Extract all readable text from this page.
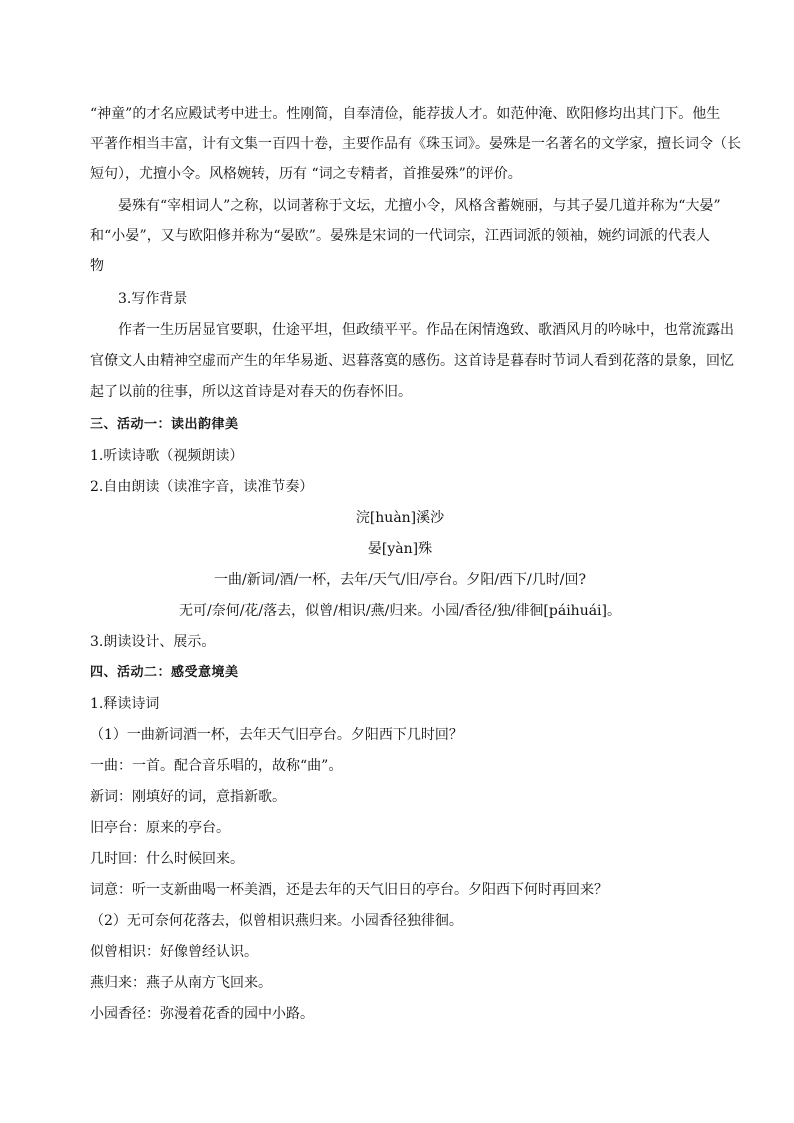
“神童”的才名应殿试考中进士。性刚简，自奉清俭，能荐拔人才。如范仲淹、欧阳修均出其门下。他生
平著作相当丰富，计有文集一百四十卷，主要作品有《珠玉词》。晏殊是一名著名的文学家，擅长词令（长
短句），尤擅小令。风格婉转，历有 “词之专精者，首推晏殊”的评价。
晏殊有“宰相词人”之称，以词著称于文坛，尤擅小令，风格含蓄婉丽，与其子晏几道并称为“大晏”
和“小晏”，又与欧阳修并称为“晏欧”。晏殊是宋词的一代词宗，江西词派的领袖，婉约词派的代表人
物
3.写作背景
作者一生历居显官要职，仕途平坦，但政绩平平。作品在闲情逸致、歌酒风月的吟咏中，也常流露出
官僚文人由精神空虚而产生的年华易逝、迟暮落寞的感伤。这首诗是暮春时节词人看到花落的景象，回忆
起了以前的往事，所以这首诗是对春天的伤春怀旧。
三、活动一：读出韵律美
1.听读诗歌（视频朗读）
2.自由朗读（读准字音，读准节奏）
浣[huàn]溪沙
晏[yàn]殊
一曲/新词/酒/一杯，去年/天气/旧/亭台。夕阳/西下/几时/回?
无可/奈何/花/落去，似曾/相识/燕/归来。小园/香径/独/徘徊[páihuái]。
3.朗读设计、展示。
四、活动二：感受意境美
1.释读诗词
（1）一曲新词酒一杯，去年天气旧亭台。夕阳西下几时回？
一曲：一首。配合音乐唱的，故称“曲”。
新词：刚填好的词，意指新歌。
旧亭台：原来的亭台。
几时回：什么时候回来。
词意：听一支新曲喝一杯美酒，还是去年的天气旧日的亭台。夕阳西下何时再回来？
（2）无可奈何花落去，似曾相识燕归来。小园香径独徘徊。
似曾相识：好像曾经认识。
燕归来：燕子从南方飞回来。
小园香径：弥漫着花香的园中小路。
